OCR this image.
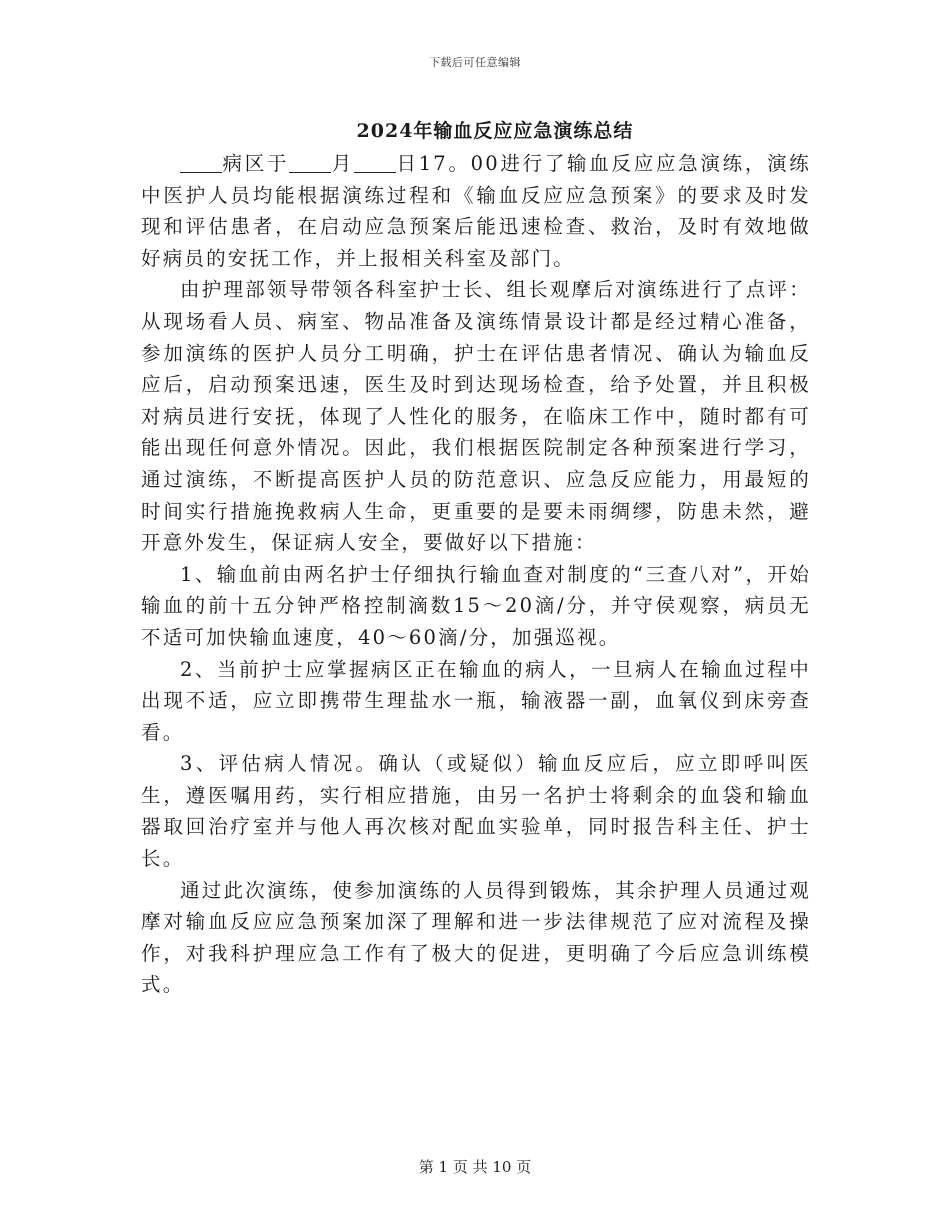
下载后可任意编辑
2024年输血反应应急演练总结

病区于 月 日17。00进行了输血反应应急演练，演练中医护人员均能根据演练过程和《输血反应应急预案》的要求及时发现和评估患者，在启动应急预案后能迅速检查、救治，及时有效地做好病员的安抚工作，并上报相关科室及部门。

由护理部领导带领各科室护士长、组长观摩后对演练进行了点评：从现场看人员、病室、物品准备及演练情景设计都是经过精心准备，参加演练的医护人员分工明确，护士在评估患者情况、确认为输血反应后，启动预案迅速，医生及时到达现场检查，给予处置，并且积极对病员进行安抚，体现了人性化的服务，在临床工作中，随时都有可能出现任何意外情况。因此，我们根据医院制定各种预案进行学习，通过演练，不断提高医护人员的防范意识、应急反应能力，用最短的时间实行措施挽救病人生命，更重要的是要未雨绸缪，防患未然，避开意外发生，保证病人安全，要做好以下措施：

1、输血前由两名护士仔细执行输血查对制度的“三查八对”，开始输血的前十五分钟严格控制滴数15～20滴/分，并守侯观察，病员无不适可加快输血速度，40～60滴/分，加强巡视。

2、当前护士应掌握病区正在输血的病人，一旦病人在输血过程中出现不适，应立即携带生理盐水一瓶，输液器一副，血氧仪到床旁查看。

3、评估病人情况。确认（或疑似）输血反应后，应立即呼叫医生，遵医嘱用药，实行相应措施，由另一名护士将剩余的血袋和输血器取回治疗室并与他人再次核对配血实验单，同时报告科主任、护士长。

通过此次演练，使参加演练的人员得到锻炼，其余护理人员通过观摩对输血反应应急预案加深了理解和进一步法律规范了应对流程及操作，对我科护理应急工作有了极大的促进，更明确了今后应急训练模式。

第 1 页 共 10 页
